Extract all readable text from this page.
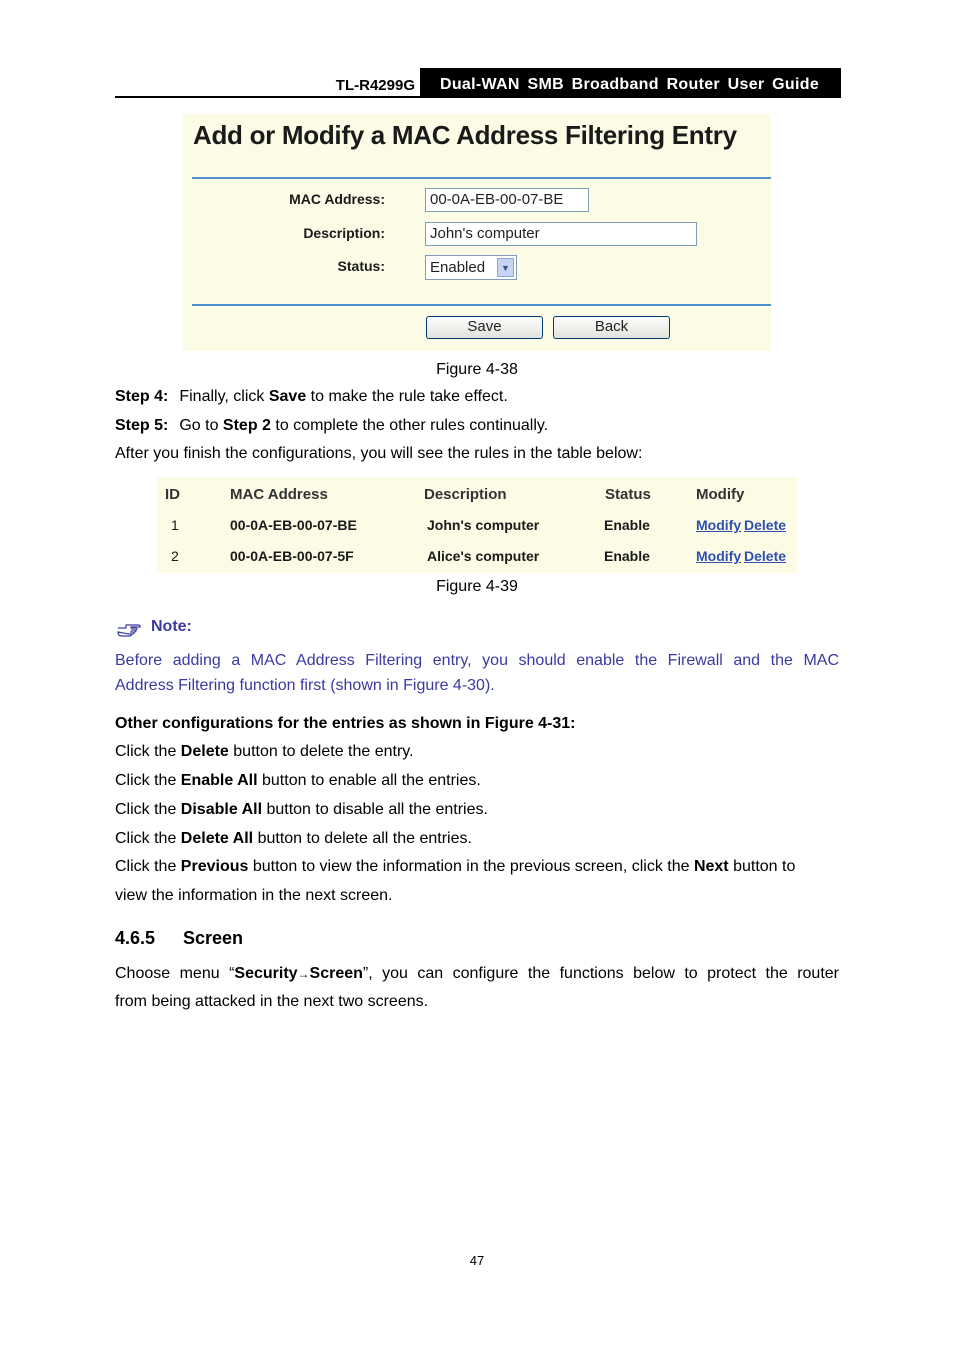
TL-R4299G	Dual-WAN SMB Broadband Router User Guide
Add or Modify a MAC Address Filtering Entry
MAC Address:	00-0A-EB-00-07-BE
Description:	John's computer
Status:	Enabled	▼
Save	Back
Figure 4-38
Step 4: Finally, click Save to make the rule take effect.
Step 5: Go to Step 2 to complete the other rules continually.
After you finish the configurations, you will see the rules in the table below:
ID	MAC Address	Description	Status	Modify
1	00-0A-EB-00-07-BE	John's computer	Enable	Modify Delete
2	00-0A-EB-00-07-5F	Alice's computer	Enable	Modify Delete
Figure 4-39
Note:
Before adding a MAC Address Filtering entry, you should enable the Firewall and the MAC
Address Filtering function first (shown in Figure 4-30).
Other configurations for the entries as shown in Figure 4-31:
Click the Delete button to delete the entry.
Click the Enable All button to enable all the entries.
Click the Disable All button to disable all the entries.
Click the Delete All button to delete all the entries.
Click the Previous button to view the information in the previous screen, click the Next button to
view the information in the next screen.
4.6.5 Screen
Choose menu “Security→Screen”, you can configure the functions below to protect the router
from being attacked in the next two screens.
47
